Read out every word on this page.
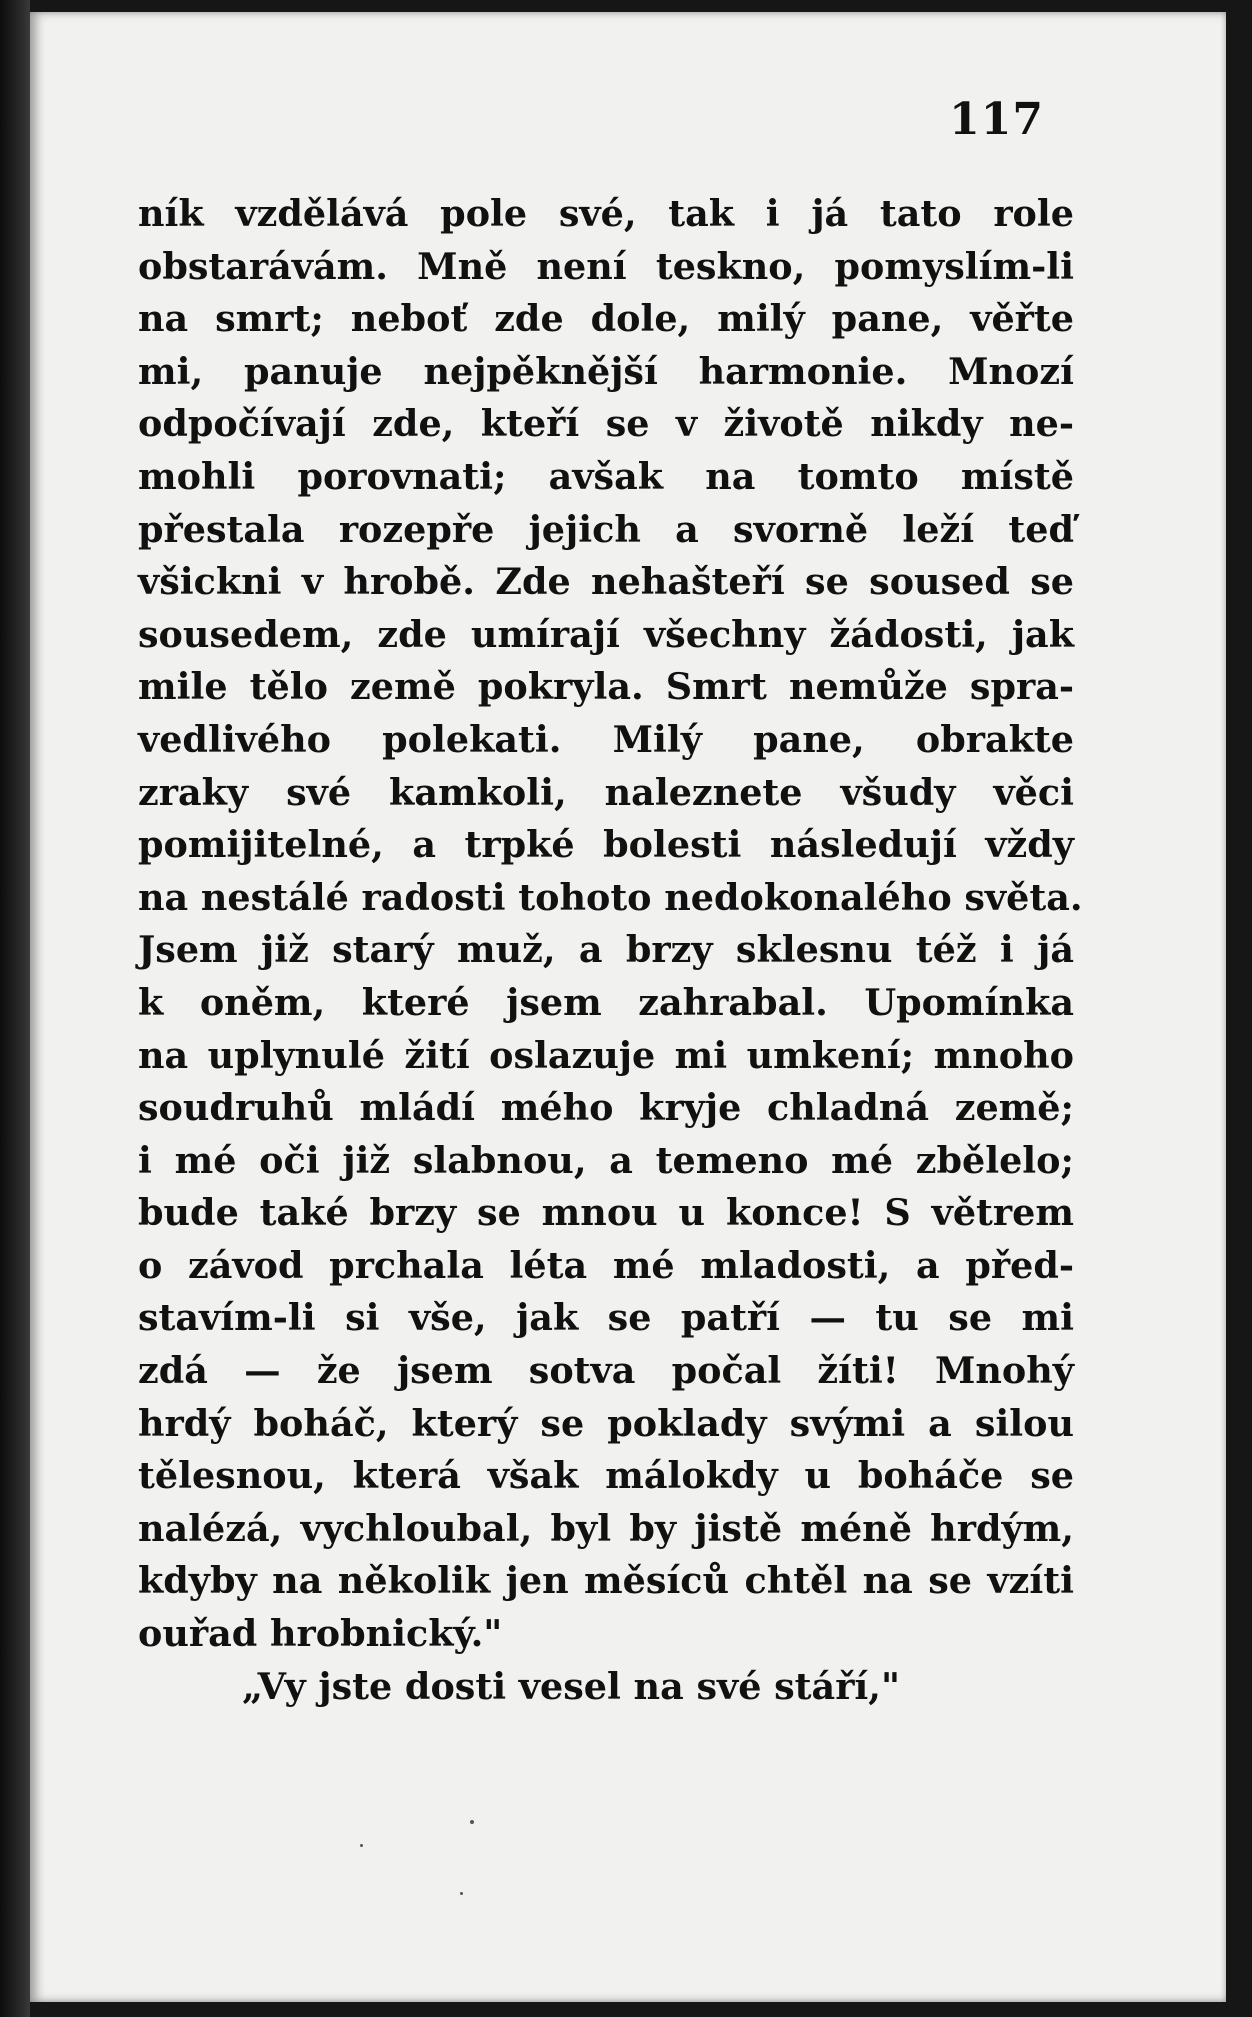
117
ník vzdělává pole své, tak i já tato role
obstarávám. Mně není teskno, pomyslím-li
na smrt; neboť zde dole, milý pane, věřte
mi, panuje nejpěknější harmonie. Mnozí
odpočívají zde, kteří se v životě nikdy ne-
mohli porovnati; avšak na tomto místě
přestala rozepře jejich a svorně leží teď
všickni v hrobě. Zde nehašteří se soused se
sousedem, zde umírají všechny žádosti, jak
mile tělo země pokryla. Smrt nemůže spra-
vedlivého polekati. Milý pane, obrakte
zraky své kamkoli, naleznete všudy věci
pomijitelné, a trpké bolesti následují vždy
na nestálé radosti tohoto nedokonalého světa.
Jsem již starý muž, a brzy sklesnu též i já
k oněm, které jsem zahrabal. Upomínka
na uplynulé žití oslazuje mi umkení; mnoho
soudruhů mládí mého kryje chladná země;
i mé oči již slabnou, a temeno mé zbělelo;
bude také brzy se mnou u konce! S větrem
o závod prchala léta mé mladosti, a před-
stavím-li si vše, jak se patří — tu se mi
zdá — že jsem sotva počal žíti! Mnohý
hrdý boháč, který se poklady svými a silou
tělesnou, která však málokdy u boháče se
nalézá, vychloubal, byl by jistě méně hrdým,
kdyby na několik jen měsíců chtěl na se vzíti
ouřad hrobnický."
„Vy jste dosti vesel na své stáří,"
